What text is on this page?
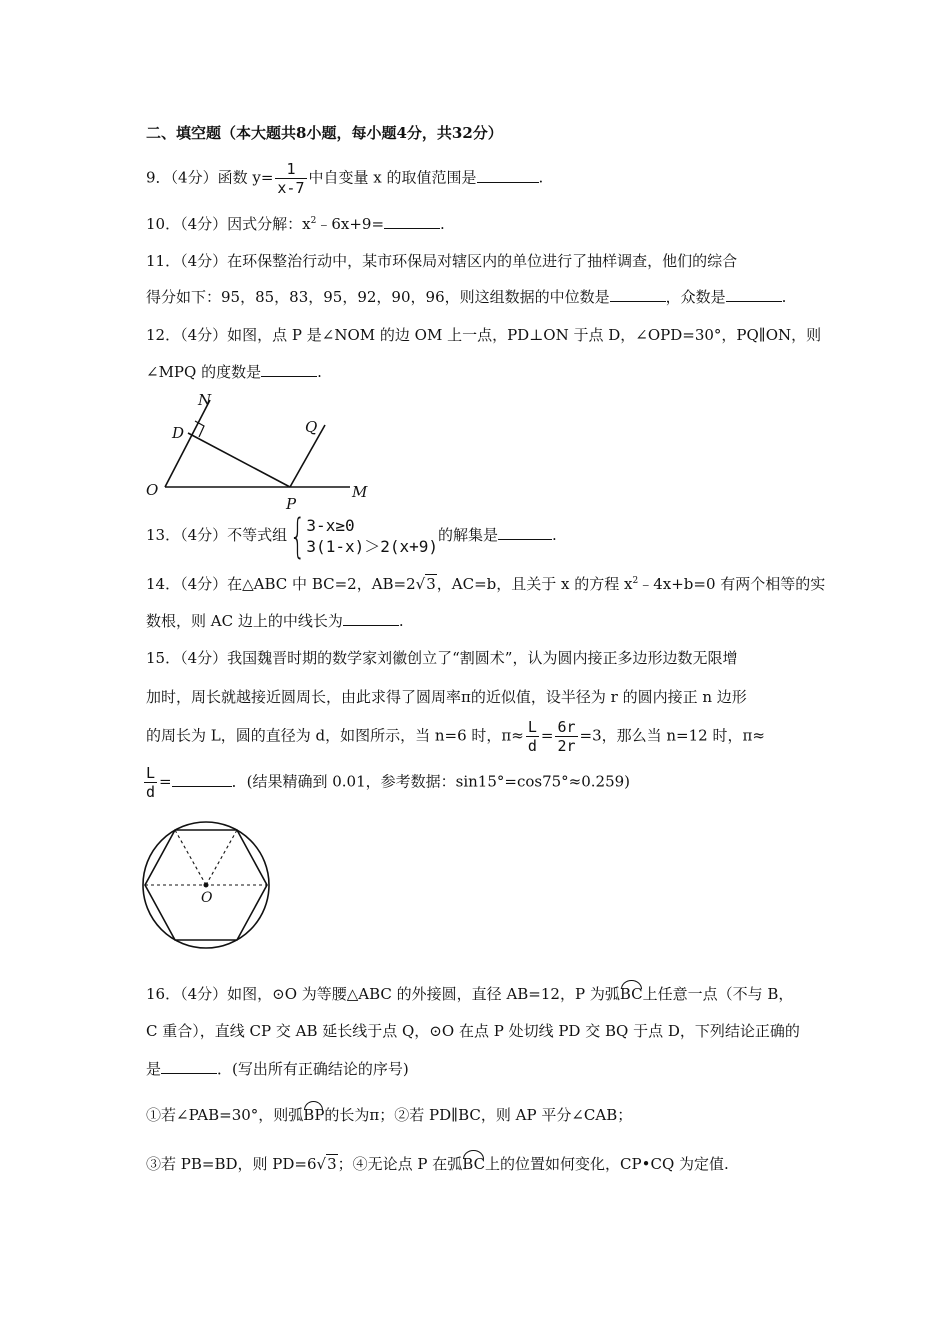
二、填空题（本大题共8小题，每小题4分，共32分）
9．（4分）函数 $y= \frac{1}{x-7}$ 中自变量 x 的取值范围是	.
10．（4分）因式分解：$x^2﹣6x+9=$	.
11．（4分）在环保整治行动中，某市环保局对辖区内的单位进行了抽样调查，他们的综合
得分如下：95，85，83，95，92，90，96，则这组数据的中位数是	，众数是	.
12．（4分）如图，点 P 是∠NOM 的边 OM 上一点，PD⊥ON 于点 D，∠OPD=30°，PQ∥ON，则
∠MPQ 的度数是	.
N
D	Q
O
P
M
13．（4分）不等式组{ 3-x≥0
3(1-x)＞2(x+9)
的解集是	.
14．（4分）在△ABC 中 BC=2，AB=2√3，AC=b，且关于 x 的方程 $x^2﹣4x+b=0$ 有两个相等的实
数根，则 AC 边上的中线长为	.
15．（4分）我国魏晋时期的数学家刘徽创立了“割圆术”，认为圆内接正多边形边数无限增
加时，周长就越接近圆周长，由此求得了圆周率π的近似值，设半径为 r 的圆内接正 n 边形
的周长为 L，圆的直径为 d，如图所示，当 n=6 时，$\pi\approx \frac{L}{d} = \frac{6r}{2r} =3$，那么当 n=12 时，π≈
$\frac{L}{d}$ =	．(结果精确到 0.01，参考数据：sin15°=cos75°≈0.259)
O
16．（4分）如图，⊙O 为等腰△ABC 的外接圆，直径 AB=12，P 为弧BC上任意一点（不与 B，
C 重合），直线 CP 交 AB 延长线于点 Q，⊙O 在点 P 处切线 PD 交 BQ 于点 D，下列结论正确的
是	．(写出所有正确结论的序号)
①若∠PAB=30°，则弧BP的长为π；②若 PD∥BC，则 AP 平分∠CAB；
③若 PB=BD，则 PD=6√3；④无论点 P 在弧BC上的位置如何变化，CP•CQ 为定值.
